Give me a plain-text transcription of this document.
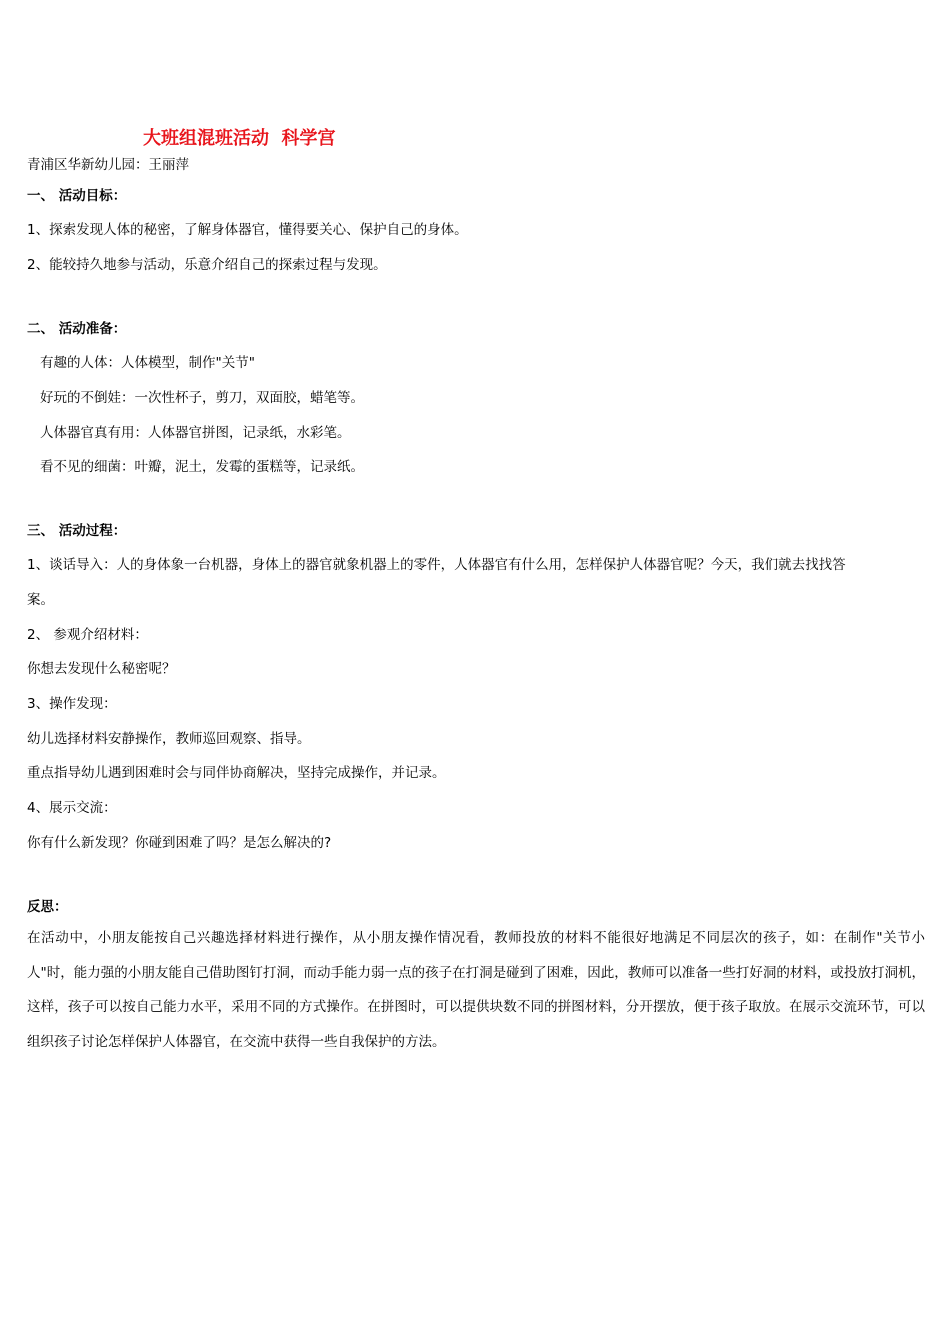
大班组混班活动  科学宫
青浦区华新幼儿园：王丽萍
一、 活动目标：
1、探索发现人体的秘密，了解身体器官，懂得要关心、保护自己的身体。
2、能较持久地参与活动，乐意介绍自己的探索过程与发现。
二、 活动准备：
有趣的人体：人体模型，制作"关节"
好玩的不倒娃：一次性杯子，剪刀，双面胶，蜡笔等。
人体器官真有用：人体器官拼图，记录纸，水彩笔。
看不见的细菌：叶瓣，泥土，发霉的蛋糕等，记录纸。
三、 活动过程：
1、谈话导入：人的身体象一台机器，身体上的器官就象机器上的零件，人体器官有什么用，怎样保护人体器官呢？今天，我们就去找找答
案。
2、 参观介绍材料：
你想去发现什么秘密呢？
3、操作发现：
幼儿选择材料安静操作，教师巡回观察、指导。
重点指导幼儿遇到困难时会与同伴协商解决，坚持完成操作，并记录。
4、展示交流：
你有什么新发现？你碰到困难了吗？是怎么解决的?
反思：
在活动中，小朋友能按自己兴趣选择材料进行操作，从小朋友操作情况看，教师投放的材料不能很好地满足不同层次的孩子，如：在制作"关节小人"时，能力强的小朋友能自己借助图钉打洞，而动手能力弱一点的孩子在打洞是碰到了困难，因此，教师可以准备一些打好洞的材料，或投放打洞机，这样，孩子可以按自己能力水平，采用不同的方式操作。在拼图时，可以提供块数不同的拼图材料，分开摆放，便于孩子取放。在展示交流环节，可以组织孩子讨论怎样保护人体器官，在交流中获得一些自我保护的方法。
